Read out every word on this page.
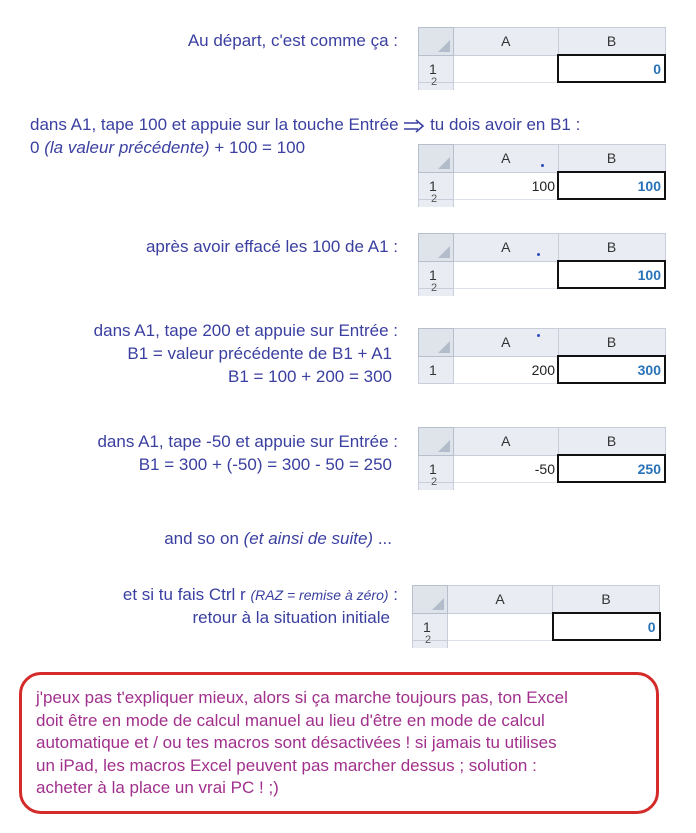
Au départ, c'est comme ça :
dans A1, tape 100 et appuie sur la touche Entrée tu dois avoir en B1 :
0 (la valeur précédente) + 100 = 100
après avoir effacé les 100 de A1 :
dans A1, tape 200 et appuie sur Entrée :
B1 = valeur précédente de B1 + A1
B1 = 100 + 200 = 300
dans A1, tape -50 et appuie sur Entrée :
B1 = 300 + (-50) = 300 - 50 = 250
and so on (et ainsi de suite) ...
et si tu fais Ctrl r (RAZ = remise à zéro) :
retour à la situation initiale
	A	B	
1		0	

2			

	A	B	
1	100	100	

2			

	A	B	
1		100	

2			

	A	B	
1	200	300	
	A	B	
1	-50	250	

2			

	A	B	
1		0	

2			

j'peux pas t'expliquer mieux, alors si ça marche toujours pas, ton Excel
doit être en mode de calcul manuel au lieu d'être en mode de calcul
automatique et / ou tes macros sont désactivées ! si jamais tu utilises
un iPad, les macros Excel peuvent pas marcher dessus ; solution :
acheter à la place un vrai PC ! ;)
